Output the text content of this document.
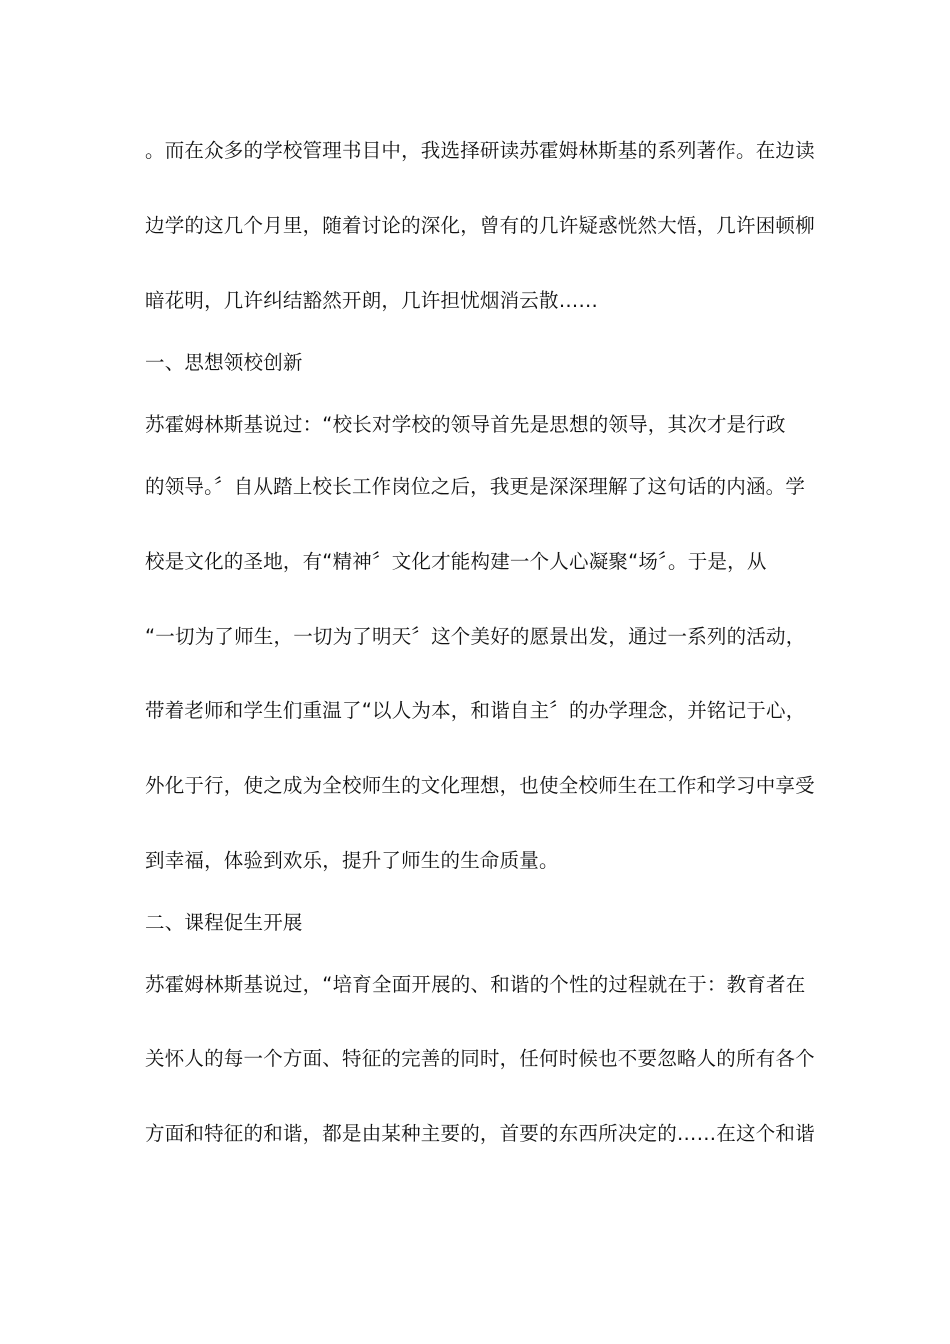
。而在众多的学校管理书目中，我选择研读苏霍姆林斯基的系列著作。在边读
边学的这几个月里，随着讨论的深化，曾有的几许疑惑恍然大悟，几许困顿柳
暗花明，几许纠结豁然开朗，几许担忧烟消云散……
一、思想领校创新
苏霍姆林斯基说过：“校长对学校的领导首先是思想的领导，其次才是行政
的领导。〞自从踏上校长工作岗位之后，我更是深深理解了这句话的内涵。学
校是文化的圣地，有“精神〞文化才能构建一个人心凝聚“场〞。于是，从
“一切为了师生，一切为了明天〞这个美好的愿景出发，通过一系列的活动，
带着老师和学生们重温了“以人为本，和谐自主〞的办学理念，并铭记于心，
外化于行，使之成为全校师生的文化理想，也使全校师生在工作和学习中享受
到幸福，体验到欢乐，提升了师生的生命质量。
二、课程促生开展
苏霍姆林斯基说过，“培育全面开展的、和谐的个性的过程就在于：教育者在
关怀人的每一个方面、特征的完善的同时，任何时候也不要忽略人的所有各个
方面和特征的和谐，都是由某种主要的，首要的东西所决定的……在这个和谐
